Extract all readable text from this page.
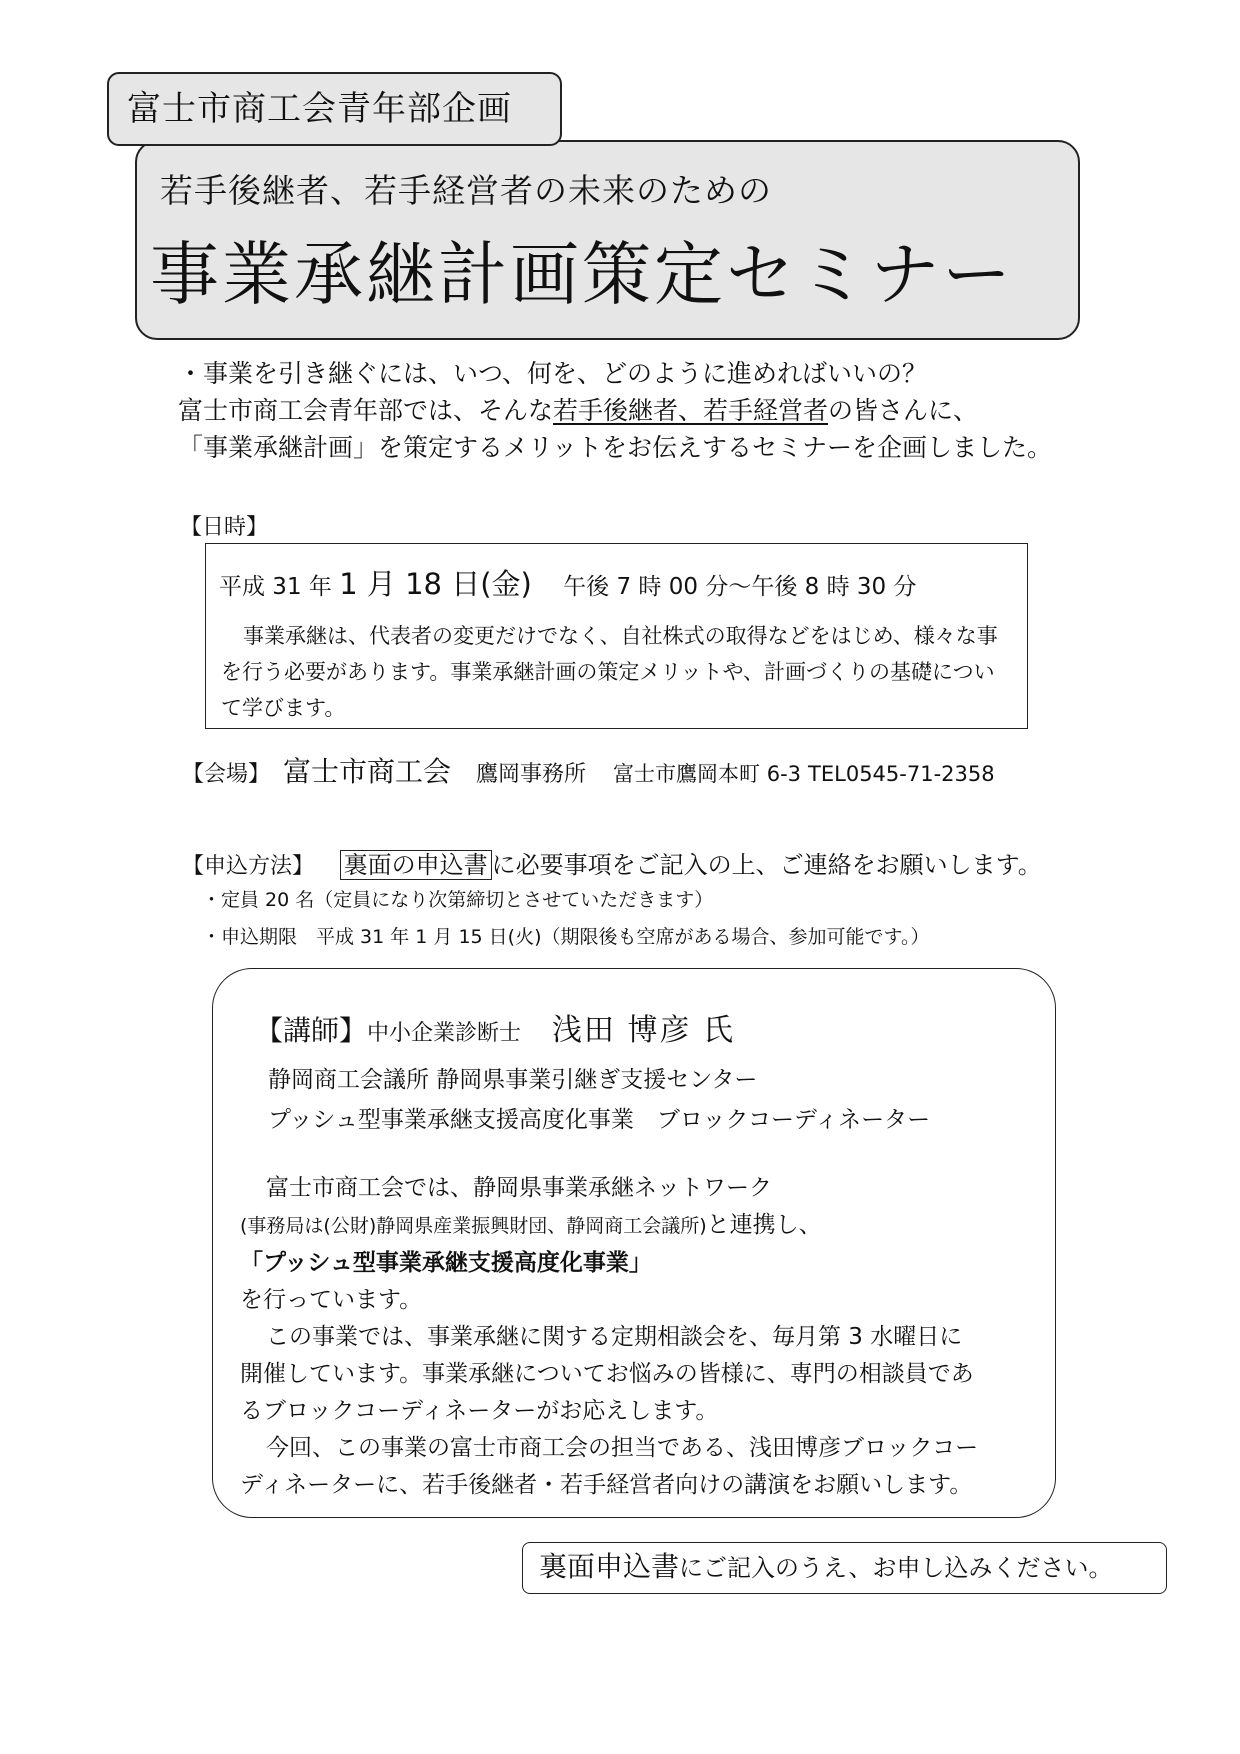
富士市商工会青年部企画
若手後継者、若手経営者の未来のための
事業承継計画策定セミナー
・事業を引き継ぐには、いつ、何を、どのように進めればいいの？
富士市商工会青年部では、そんな若手後継者、若手経営者の皆さんに、
「事業承継計画」を策定するメリットをお伝えするセミナーを企画しました。
【日時】
平成 31 年 1 月 18 日(金) 午後 7 時 00 分～午後 8 時 30 分
事業承継は、代表者の変更だけでなく、自社株式の取得などをはじめ、様々な事
を行う必要があります。事業承継計画の策定メリットや、計画づくりの基礎につい
て学びます。
【会場】 富士市商工会 鷹岡事務所 富士市鷹岡本町 6-3 TEL0545-71-2358
【申込方法】 裏面の申込書 に必要事項をご記入の上、ご連絡をお願いします。
・定員 20 名（定員になり次第締切とさせていただきます）
・申込期限　平成 31 年 1 月 15 日(火)（期限後も空席がある場合、参加可能です。）
【講師】中小企業診断士 浅田 博彦 氏
静岡商工会議所 静岡県事業引継ぎ支援センター
プッシュ型事業承継支援高度化事業　ブロックコーディネーター
富士市商工会では、静岡県事業承継ネットワーク
(事務局は(公財)静岡県産業振興財団、静岡商工会議所)と連携し、
「プッシュ型事業承継支援高度化事業」
を行っています。
この事業では、事業承継に関する定期相談会を、毎月第 3 水曜日に
開催しています。事業承継についてお悩みの皆様に、専門の相談員であ
るブロックコーディネーターがお応えします。
今回、この事業の富士市商工会の担当である、浅田博彦ブロックコー
ディネーターに、若手後継者・若手経営者向けの講演をお願いします。
裏面申込書にご記入のうえ、お申し込みください。
